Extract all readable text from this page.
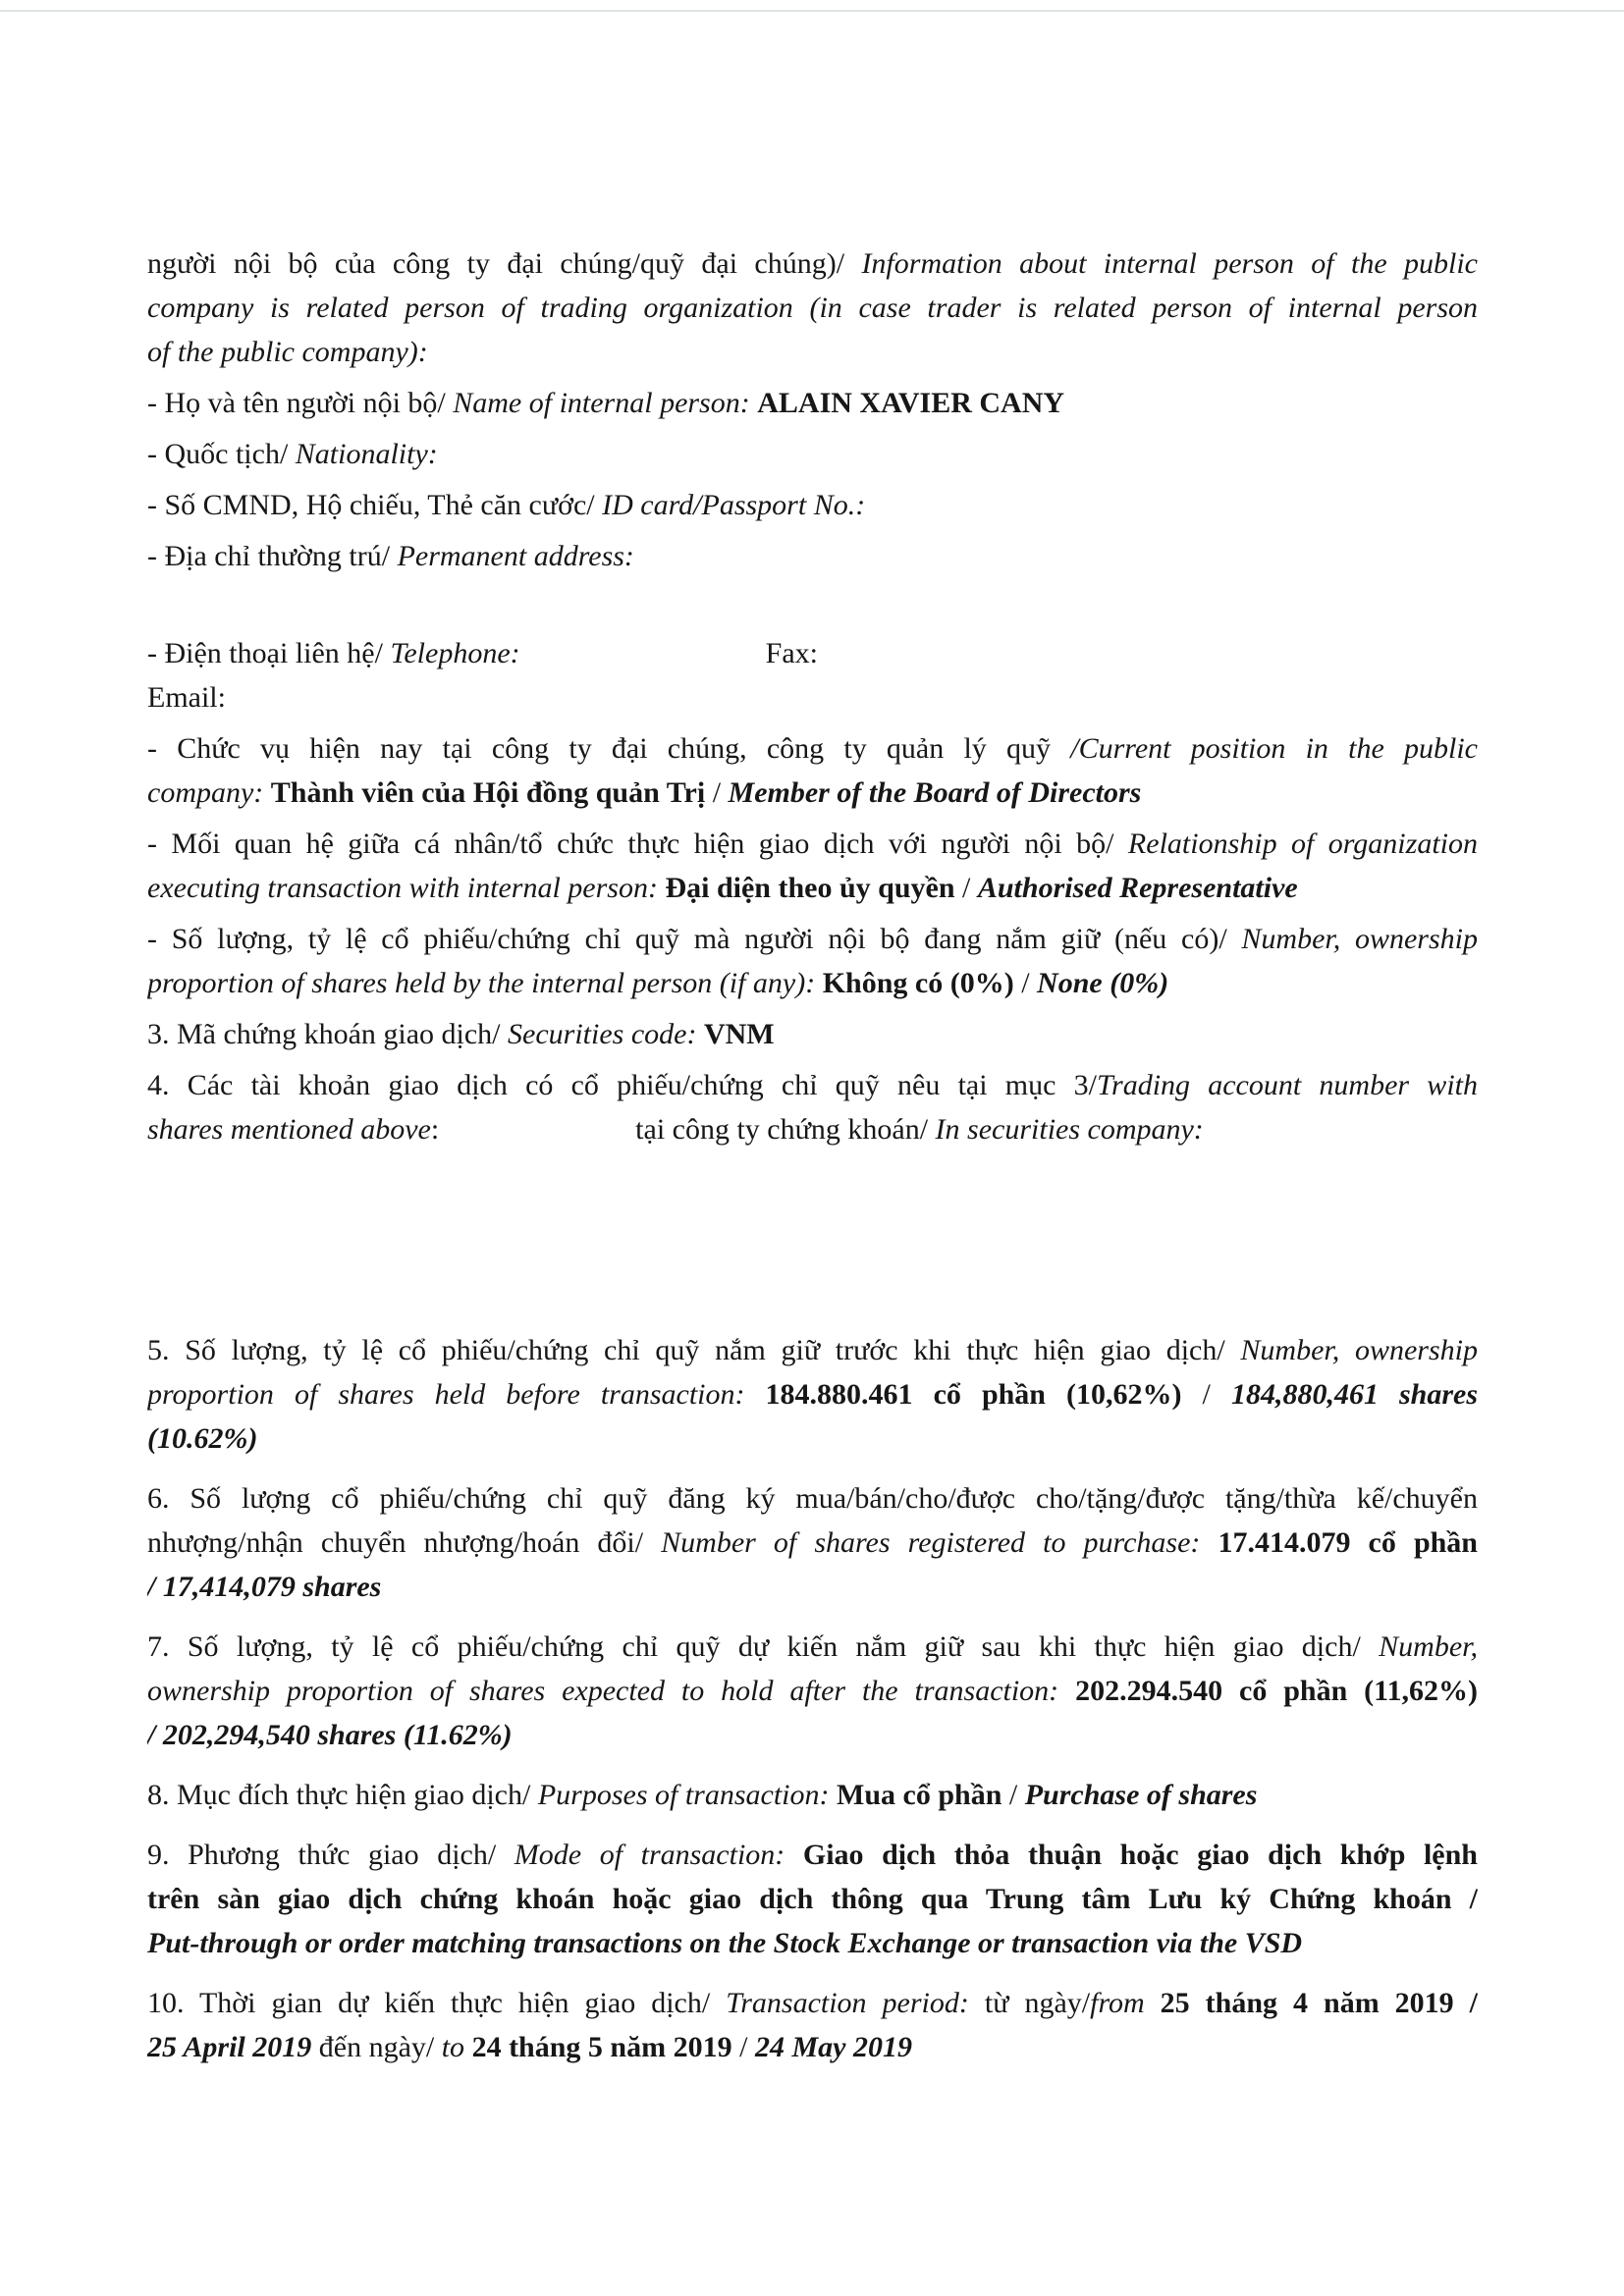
người nội bộ của công ty đại chúng/quỹ đại chúng)/ Information about internal person of the public
company is related person of trading organization (in case trader is related person of internal person
of the public company):
- Họ và tên người nội bộ/ Name of internal person: ALAIN XAVIER CANY
- Quốc tịch/ Nationality:
- Số CMND, Hộ chiếu, Thẻ căn cước/ ID card/Passport No.:
- Địa chỉ thường trú/ Permanent address:
- Điện thoại liên hệ/ Telephone:	Fax:
Email:
- Chức vụ hiện nay tại công ty đại chúng, công ty quản lý quỹ /Current position in the public
company: Thành viên của Hội đồng quản Trị / Member of the Board of Directors
- Mối quan hệ giữa cá nhân/tổ chức thực hiện giao dịch với người nội bộ/ Relationship of organization
executing transaction with internal person: Đại diện theo ủy quyền / Authorised Representative
- Số lượng, tỷ lệ cổ phiếu/chứng chỉ quỹ mà người nội bộ đang nắm giữ (nếu có)/ Number, ownership
proportion of shares held by the internal person (if any): Không có (0%) / None (0%)
3. Mã chứng khoán giao dịch/ Securities code: VNM
4. Các tài khoản giao dịch có cổ phiếu/chứng chỉ quỹ nêu tại mục 3/Trading account number with
shares mentioned above:	tại công ty chứng khoán/ In securities company:
5. Số lượng, tỷ lệ cổ phiếu/chứng chỉ quỹ nắm giữ trước khi thực hiện giao dịch/ Number, ownership
proportion of shares held before transaction: 184.880.461 cổ phần (10,62%) / 184,880,461 shares
(10.62%)
6. Số lượng cổ phiếu/chứng chỉ quỹ đăng ký mua/bán/cho/được cho/tặng/được tặng/thừa kế/chuyển
nhượng/nhận chuyển nhượng/hoán đổi/ Number of shares registered to purchase: 17.414.079 cổ phần
/ 17,414,079 shares
7. Số lượng, tỷ lệ cổ phiếu/chứng chỉ quỹ dự kiến nắm giữ sau khi thực hiện giao dịch/ Number,
ownership proportion of shares expected to hold after the transaction: 202.294.540 cổ phần (11,62%)
/ 202,294,540 shares (11.62%)
8. Mục đích thực hiện giao dịch/ Purposes of transaction: Mua cổ phần / Purchase of shares
9. Phương thức giao dịch/ Mode of transaction: Giao dịch thỏa thuận hoặc giao dịch khớp lệnh
trên sàn giao dịch chứng khoán hoặc giao dịch thông qua Trung tâm Lưu ký Chứng khoán /
Put-through or order matching transactions on the Stock Exchange or transaction via the VSD
10. Thời gian dự kiến thực hiện giao dịch/ Transaction period: từ ngày/from 25 tháng 4 năm 2019 /
25 April 2019 đến ngày/ to 24 tháng 5 năm 2019 / 24 May 2019
